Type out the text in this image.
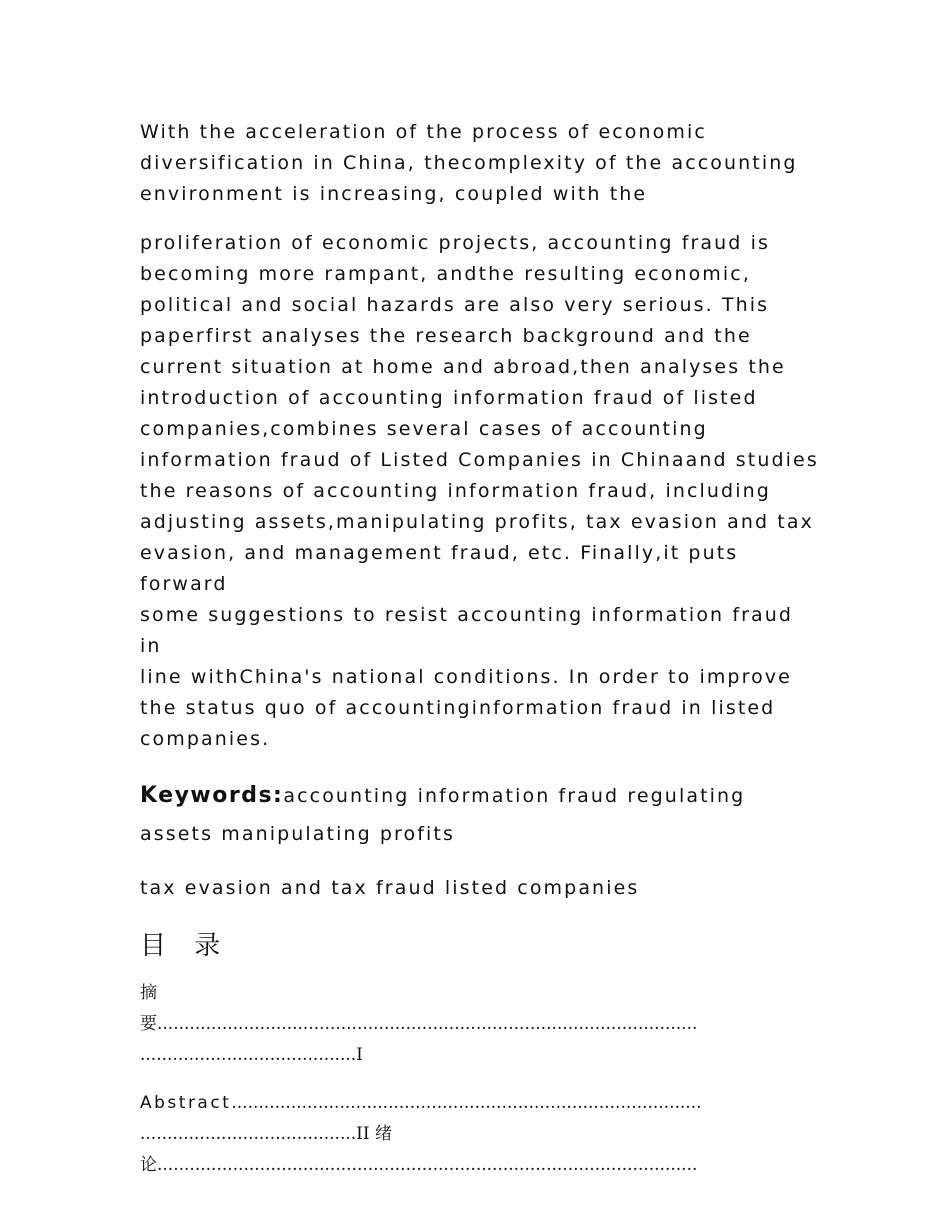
With the acceleration of the process of economic
diversification in China, thecomplexity of the accounting
environment is increasing, coupled with the
proliferation of economic projects, accounting fraud is
becoming more rampant, andthe resulting economic,
political and social hazards are also very serious. This
paperfirst analyses the research background and the
current situation at home and abroad,then analyses the
introduction of accounting information fraud of listed
companies,combines several cases of accounting
information fraud of Listed Companies in Chinaand studies
the reasons of accounting information fraud, including
adjusting assets,manipulating profits, tax evasion and tax
evasion, and management fraud, etc. Finally,it puts forward
some suggestions to resist accounting information fraud in
line withChina's national conditions. In order to improve
the status quo of accountinginformation fraud in listed
companies.
Keywords:accounting information fraud regulating
assets manipulating profits
tax evasion and tax fraud listed companies
目 录
摘
要....................................................................................................
........................................I
Abstract.......................................................................................
........................................II 绪
论....................................................................................................
